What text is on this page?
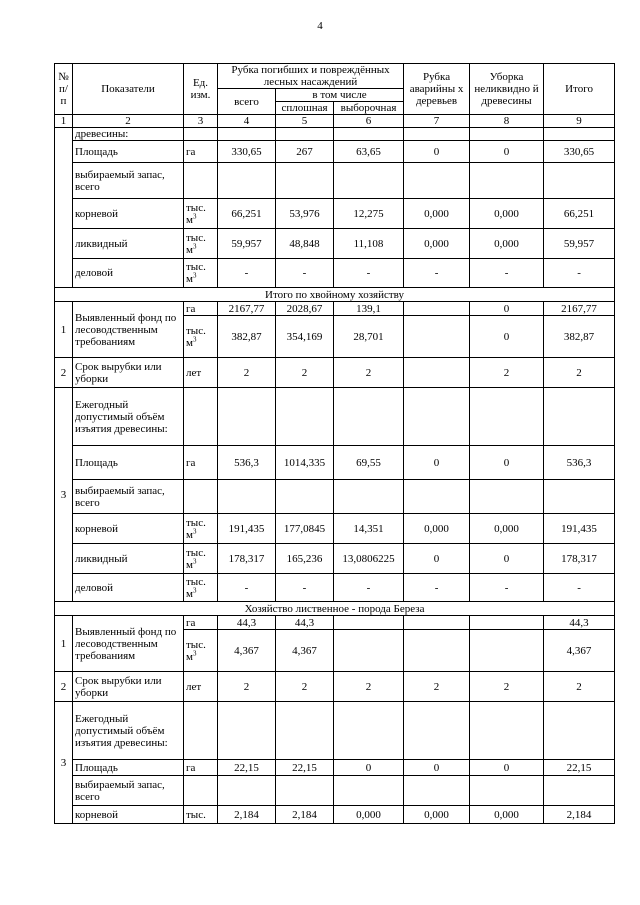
4
№ п/п	Показатели	Ед. изм.	Рубка погибших и повреждённых лесных насаждений			Рубка аварийны х деревьев	Уборка неликвидно й древесины	Итого
			всего	в том числе				
				сплошная	выборочная			
1	2	3	4	5	6	7	8	9
	древесины:							
	Площадь	га	330,65	267	63,65	0	0	330,65
	выбираемый запас, всего							
	корневой	тыс. $м^3$	66,251	53,976	12,275	0,000	0,000	66,251
	ликвидный	тыс. $м^3$	59,957	48,848	11,108	0,000	0,000	59,957
	деловой	тыс. $м^3$	-	-	-	-	-	-
Итого по хвойному хозяйству								
1	Выявленный фонд по лесоводственным требованиям	га	2167,77	2028,67	139,1		0	2167,77
		тыс. $м^3$	382,87	354,169	28,701		0	382,87
2	Срок вырубки или уборки	лет	2	2	2		2	2
3	Ежегодный допустимый объём изъятия древесины:							
	Площадь	га	536,3	1014,335	69,55	0	0	536,3
	выбираемый запас, всего							
	корневой	тыс. $м^3$	191,435	177,0845	14,351	0,000	0,000	191,435
	ликвидный	тыс. $м^3$	178,317	165,236	13,0806225	0	0	178,317
	деловой	тыс. $м^3$	-	-	-	-	-	-
Хозяйство лиственное - порода Береза								
1	Выявленный фонд по лесоводственным требованиям	га	44,3	44,3				44,3
		тыс. $м^3$	4,367	4,367				4,367
2	Срок вырубки или уборки	лет	2	2	2	2	2	2
3	Ежегодный допустимый объём изъятия древесины:							
	Площадь	га	22,15	22,15	0	0	0	22,15
	выбираемый запас, всего							
	корневой	тыс.	2,184	2,184	0,000	0,000	0,000	2,184
